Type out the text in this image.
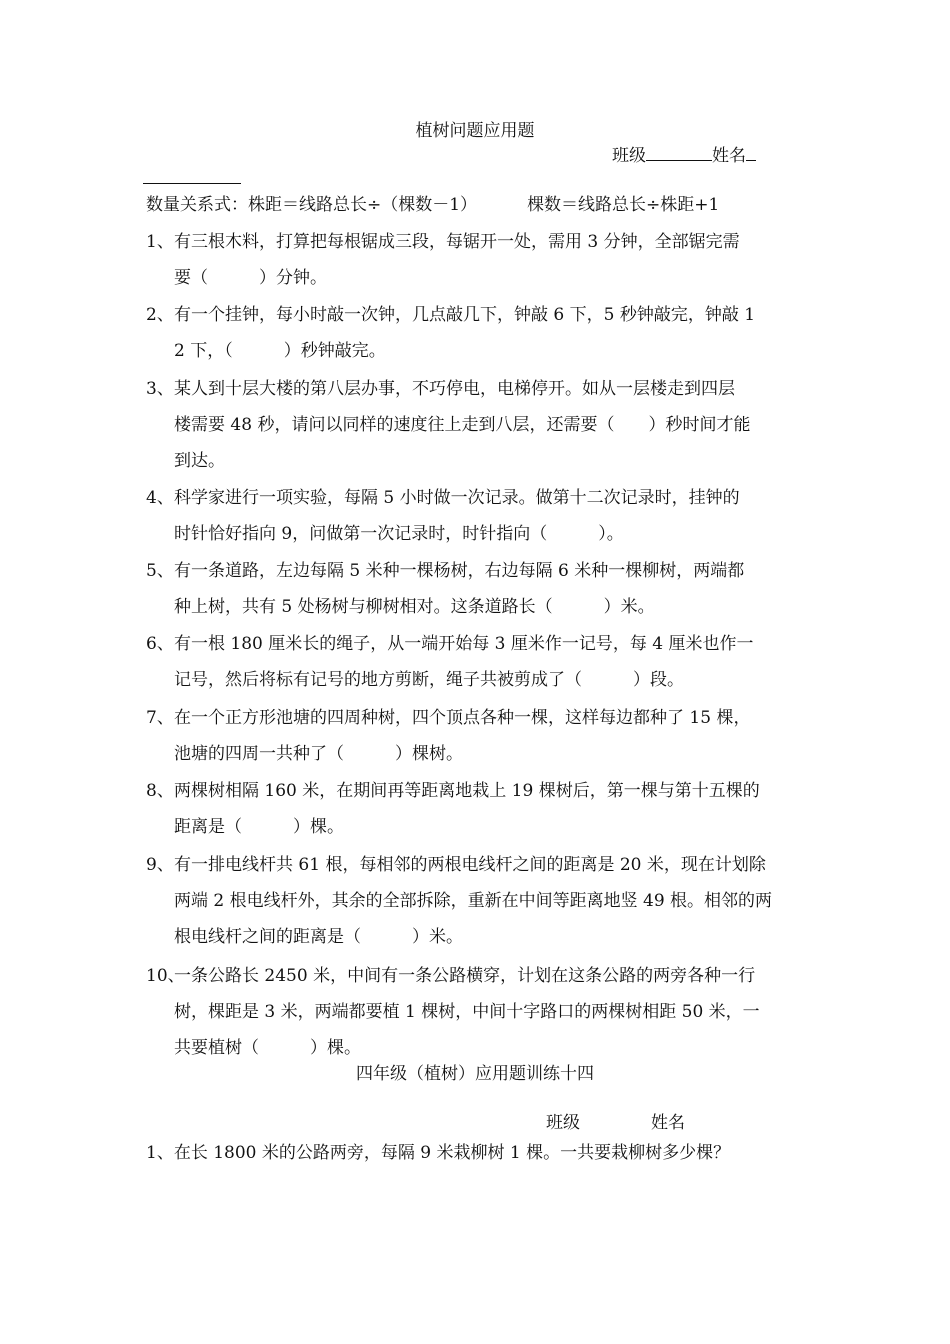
植树问题应用题
班级	姓名
数量关系式：株距＝线路总长÷（棵数－1）	棵数＝线路总长÷株距+1
1、 有三根木料，打算把每根锯成三段，每锯开一处，需用 3 分钟，全部锯完需
要（　　　）分钟。
2、 有一个挂钟，每小时敲一次钟，几点敲几下，钟敲 6 下，5 秒钟敲完，钟敲 1
2 下，（　　　）秒钟敲完。
3、 某人到十层大楼的第八层办事，不巧停电，电梯停开。如从一层楼走到四层
楼需要 48 秒，请问以同样的速度往上走到八层，还需要（　　）秒时间才能
到达。
4、 科学家进行一项实验，每隔 5 小时做一次记录。做第十二次记录时，挂钟的
时针恰好指向 9，问做第一次记录时，时针指向（　　　）。
5、 有一条道路，左边每隔 5 米种一棵杨树，右边每隔 6 米种一棵柳树，两端都
种上树，共有 5 处杨树与柳树相对。这条道路长（　　　）米。
6、 有一根 180 厘米长的绳子，从一端开始每 3 厘米作一记号，每 4 厘米也作一
记号，然后将标有记号的地方剪断，绳子共被剪成了（　　　）段。
7、 在一个正方形池塘的四周种树，四个顶点各种一棵，这样每边都种了 15 棵，
池塘的四周一共种了（　　　）棵树。
8、 两棵树相隔 160 米，在期间再等距离地栽上 19 棵树后，第一棵与第十五棵的
距离是（　　　）棵。
9、 有一排电线杆共 61 根，每相邻的两根电线杆之间的距离是 20 米，现在计划除
两端 2 根电线杆外，其余的全部拆除，重新在中间等距离地竖 49 根。相邻的两
根电线杆之间的距离是（　　　）米。
10、
一条公路长 2450 米，中间有一条公路横穿，计划在这条公路的两旁各种一行
树，棵距是 3 米，两端都要植 1 棵树，中间十字路口的两棵树相距 50 米，一
共要植树（　　　）棵。
四年级（植树）应用题训练十四
班级	姓名
1、在长 1800 米的公路两旁，每隔 9 米栽柳树 1 棵。一共要栽柳树多少棵？
